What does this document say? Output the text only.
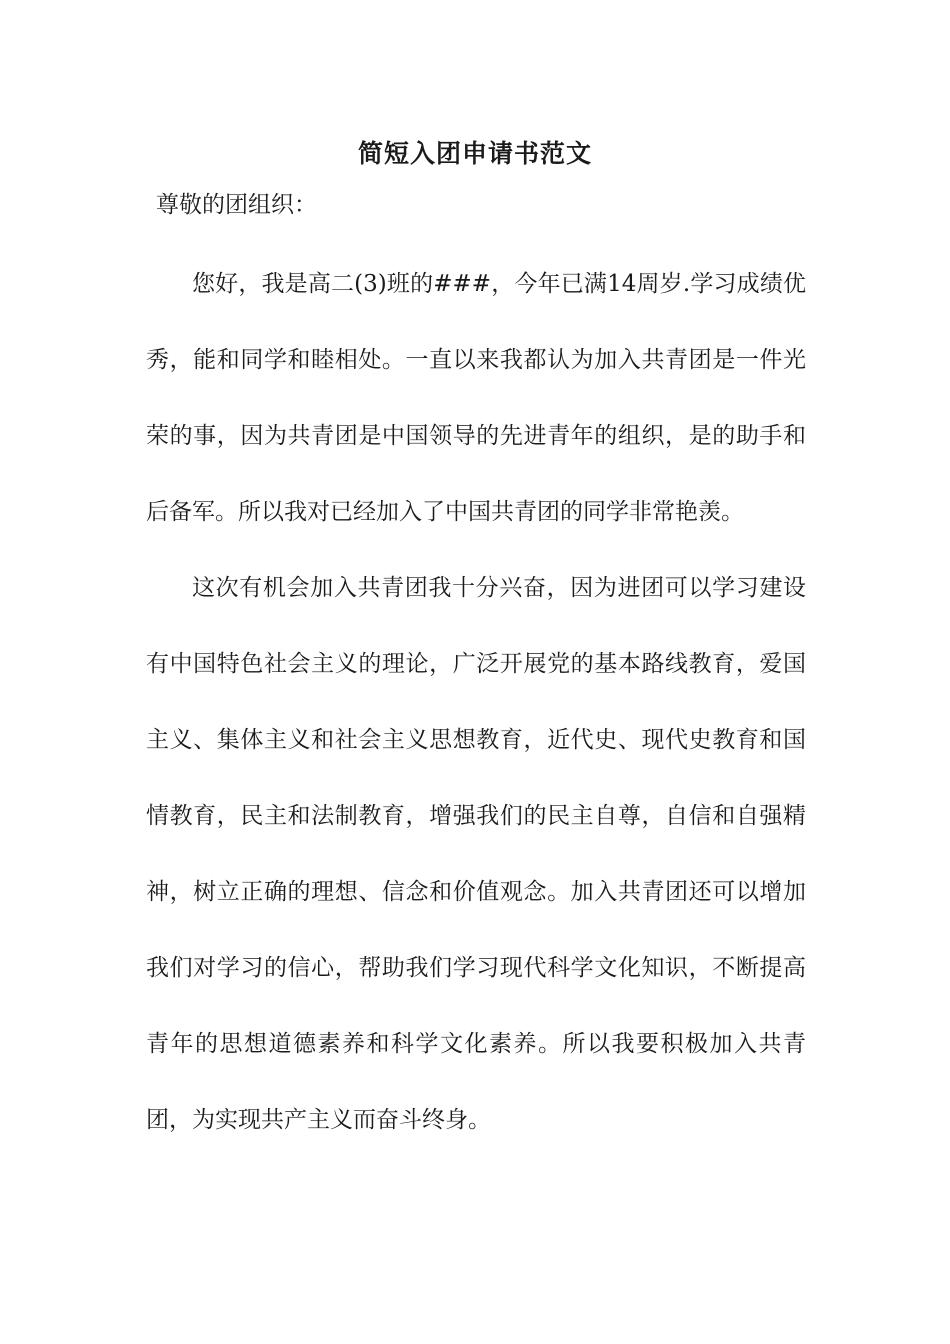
简短入团申请书范文
尊敬的团组织：

您好，我是高二(3)班的###，今年已满14周岁.学习成绩优秀，能和同学和睦相处。一直以来我都认为加入共青团是一件光荣的事，因为共青团是中国领导的先进青年的组织，是的助手和后备军。所以我对已经加入了中国共青团的同学非常艳羡。

这次有机会加入共青团我十分兴奋，因为进团可以学习建设有中国特色社会主义的理论，广泛开展党的基本路线教育，爱国主义、集体主义和社会主义思想教育，近代史、现代史教育和国情教育，民主和法制教育，增强我们的民主自尊，自信和自强精神，树立正确的理想、信念和价值观念。加入共青团还可以增加我们对学习的信心，帮助我们学习现代科学文化知识，不断提高青年的思想道德素养和科学文化素养。所以我要积极加入共青团，为实现共产主义而奋斗终身。
